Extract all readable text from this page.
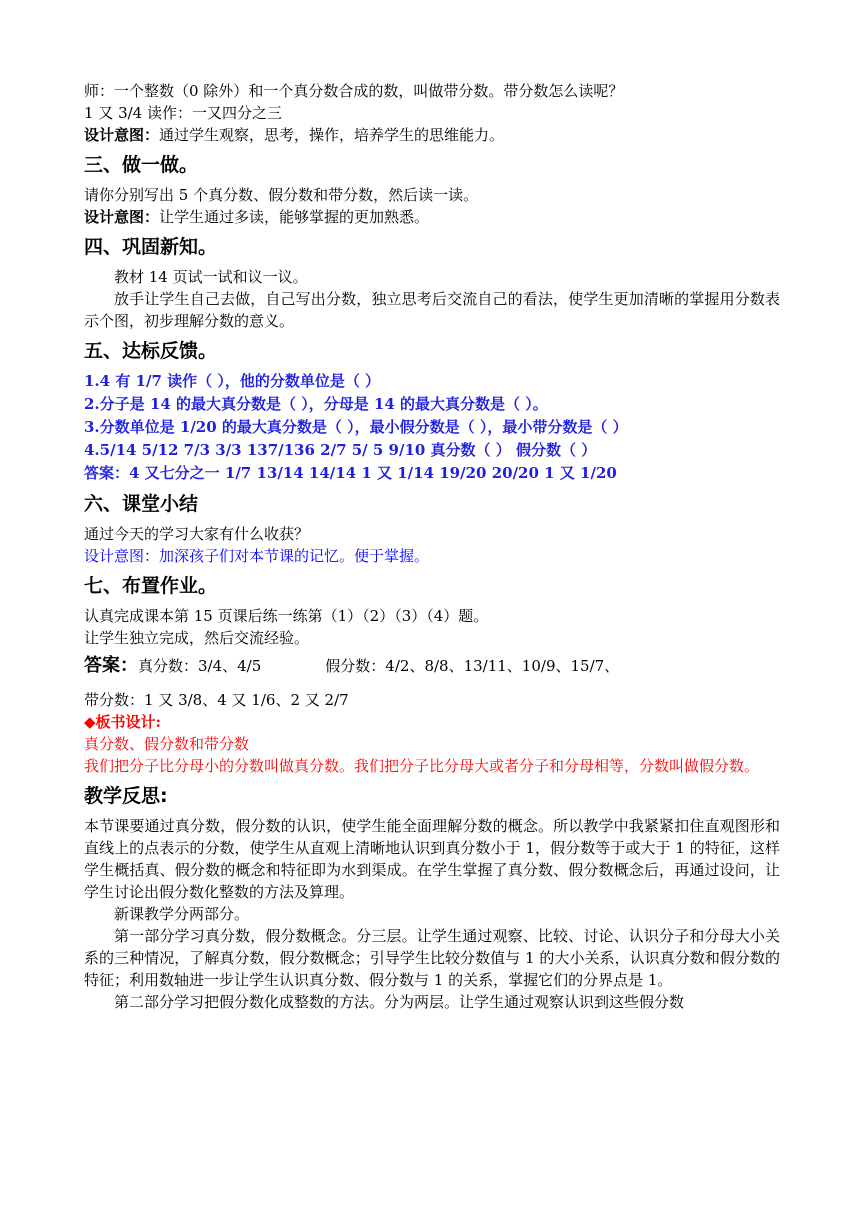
师：一个整数（0 除外）和一个真分数合成的数，叫做带分数。带分数怎么读呢？
1 又 3/4 读作：一又四分之三
设计意图：通过学生观察，思考，操作，培养学生的思维能力。
三、做一做。
请你分别写出 5 个真分数、假分数和带分数，然后读一读。
设计意图：让学生通过多读，能够掌握的更加熟悉。
四、巩固新知。
教材 14 页试一试和议一议。
放手让学生自己去做，自己写出分数，独立思考后交流自己的看法，使学生更加清晰的掌握用分数表示个图，初步理解分数的意义。
五、达标反馈。
1.4 有 1/7 读作（ ），他的分数单位是（ ）
2.分子是 14 的最大真分数是（ ），分母是 14 的最大真分数是（ ）。
3.分数单位是 1/20 的最大真分数是（ ），最小假分数是（ ），最小带分数是（ ）
4.5/14 5/12 7/3 3/3 137/136 2/7 5/ 5 9/10 真分数（ ） 假分数（ ）
答案：4 又七分之一 1/7 13/14 14/14 1 又 1/14 19/20 20/20 1 又 1/20
六、课堂小结
通过今天的学习大家有什么收获？
设计意图：加深孩子们对本节课的记忆。便于掌握。
七、布置作业。
认真完成课本第 15 页课后练一练第（1）（2）（3）（4）题。
让学生独立完成，然后交流经验。
答案：真分数：3/4、4/5	假分数：4/2、8/8、13/11、10/9、15/7、
带分数：1 又 3/8、4 又 1/6、2 又 2/7
◆板书设计:
真分数、假分数和带分数
我们把分子比分母小的分数叫做真分数。我们把分子比分母大或者分子和分母相等，分数叫做假分数。
教学反思:
本节课要通过真分数，假分数的认识，使学生能全面理解分数的概念。所以教学中我紧紧扣住直观图形和直线上的点表示的分数，使学生从直观上清晰地认识到真分数小于 1，假分数等于或大于 1 的特征，这样学生概括真、假分数的概念和特征即为水到渠成。在学生掌握了真分数、假分数概念后，再通过设问，让学生讨论出假分数化整数的方法及算理。
新课教学分两部分。
第一部分学习真分数，假分数概念。分三层。让学生通过观察、比较、讨论、认识分子和分母大小关系的三种情况，了解真分数，假分数概念；引导学生比较分数值与 1 的大小关系，认识真分数和假分数的特征；利用数轴进一步让学生认识真分数、假分数与 1 的关系，掌握它们的分界点是 1。
第二部分学习把假分数化成整数的方法。分为两层。让学生通过观察认识到这些假分数
